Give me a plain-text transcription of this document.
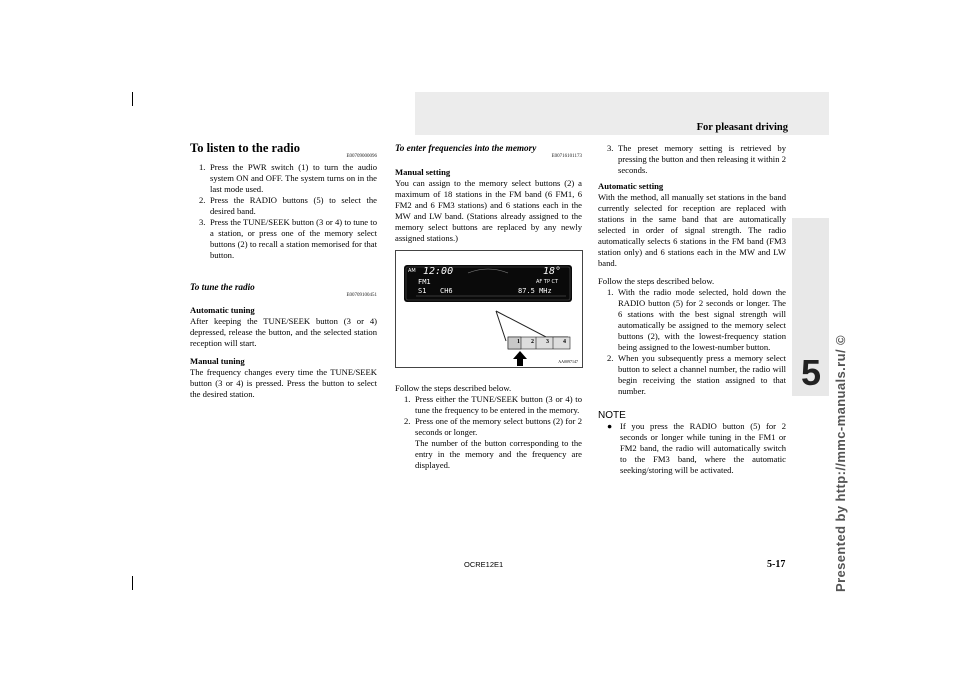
For pleasant driving
5 Presented by http://mmc-manuals.ru/ ©
To listen to the radio
E00709000096
1. Press the PWR switch (1) to turn the audio system ON and OFF. The system turns on in the last mode used.
2. Press the RADIO buttons (5) to select the desired band.
3. Press the TUNE/SEEK button (3 or 4) to tune to a station, or press one of the memory select buttons (2) to recall a station memorised for that button.
To tune the radio
E00709100451

Automatic tuning

After keeping the TUNE/SEEK button (3 or 4) depressed, release the button, and the selected station reception will start.

Manual tuning

The frequency changes every time the TUNE/SEEK button (3 or 4) is pressed. Press the button to select the desired station.

To enter frequencies into the memory
E00716101173

Manual setting

You can assign to the memory select buttons (2) a maximum of 18 stations in the FM band (6 FM1, 6 FM2 and 6 FM3 stations) and 6 stations each in the MW and LW band. (Stations already assigned to the memory select buttons are replaced by any newly assigned stations.)

AM 12:00	18°
AF TP CT
FM1
S1 CH6	87.5 MHz
1 2 3 4
AA0097147

Follow the steps described below.

1. Press either the TUNE/SEEK button (3 or 4) to tune the frequency to be entered in the memory.
2. Press one of the memory select buttons (2) for 2 seconds or longer.
The number of the button corresponding to the entry in the memory and the frequency are displayed.
3. The preset memory setting is retrieved by pressing the button and then releasing it within 2 seconds.

Automatic setting

With the method, all manually set stations in the band currently selected for reception are replaced with stations in the same band that are automatically selected in order of signal strength. The radio automatically selects 6 stations in the FM band (FM3 station only) and 6 stations each in the MW and LW band.

Follow the steps described below.

1. With the radio mode selected, hold down the RADIO button (5) for 2 seconds or longer. The 6 stations with the best signal strength will automatically be assigned to the memory select buttons (2), with the lowest-frequency station being assigned to the lowest-number button.
2. When you subsequently press a memory select button to select a channel number, the radio will begin receiving the station assigned to that number.
NOTE
● If you press the RADIO button (5) for 2 seconds or longer while tuning in the FM1 or FM2 band, the radio will automatically switch to the FM3 band, where the automatic seeking/storing will be activated.
OCRE12E1	5-17
